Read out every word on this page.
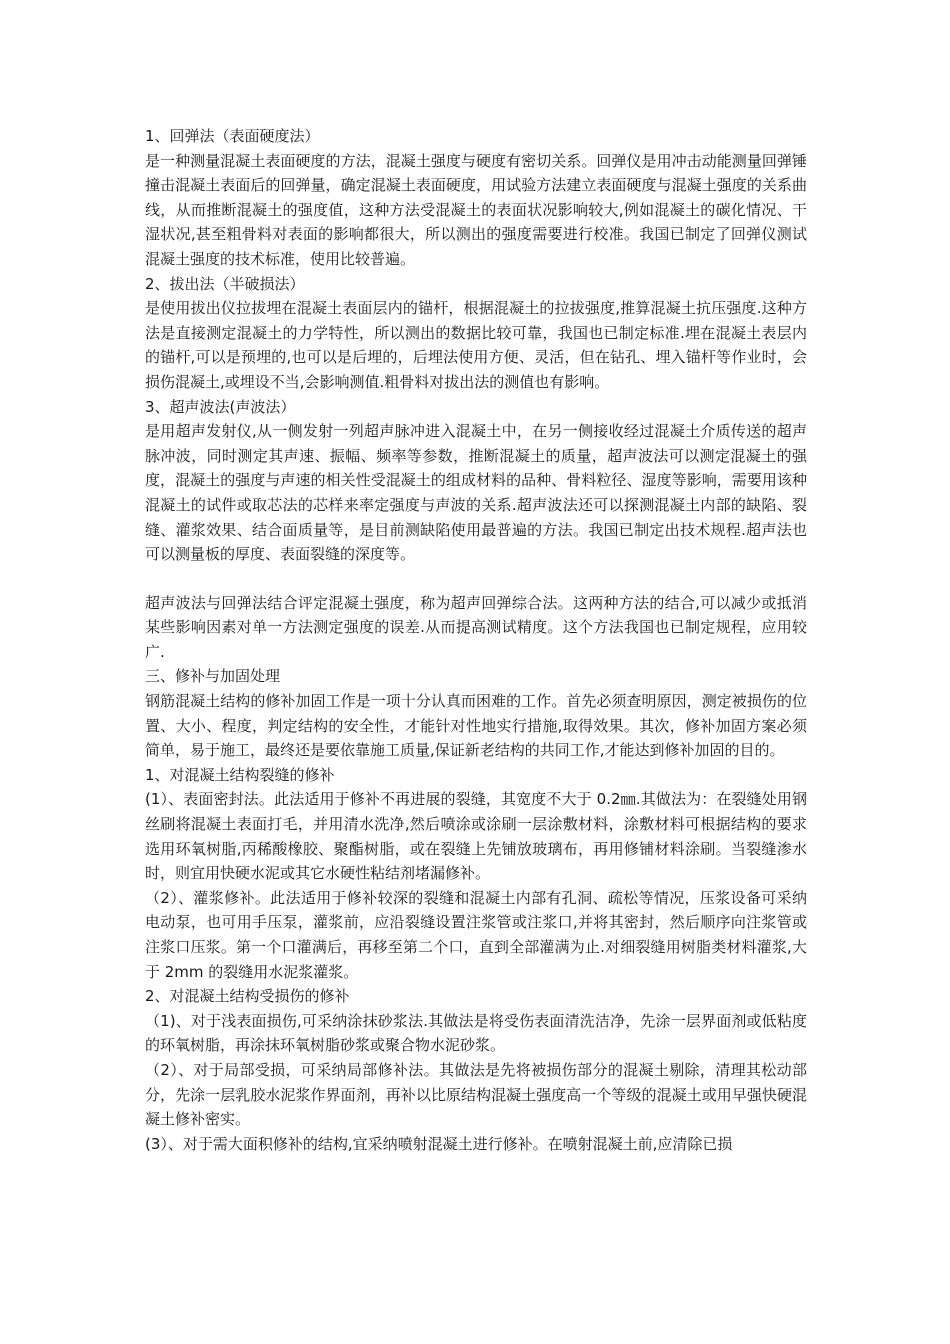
1、回弹法（表面硬度法）

是一种测量混凝土表面硬度的方法，混凝土强度与硬度有密切关系。回弹仪是用冲击动能测量回弹锤撞击混凝土表面后的回弹量，确定混凝土表面硬度，用试验方法建立表面硬度与混凝土强度的关系曲线，从而推断混凝土的强度值，这种方法受混凝土的表面状况影响较大,例如混凝土的碳化情况、干湿状况,甚至粗骨料对表面的影响都很大，所以测出的强度需要进行校准。我国已制定了回弹仪测试混凝土强度的技术标准，使用比较普遍。

2、拔出法（半破损法）

是使用拔出仪拉拔埋在混凝土表面层内的锚杆，根据混凝土的拉拔强度,推算混凝土抗压强度.这种方法是直接测定混凝土的力学特性，所以测出的数据比较可靠，我国也已制定标准.埋在混凝土表层内的锚杆,可以是预埋的,也可以是后埋的，后埋法使用方便、灵活，但在钻孔、埋入锚杆等作业时，会损伤混凝土,或埋设不当,会影响测值.粗骨料对拔出法的测值也有影响。

3、超声波法(声波法）

是用超声发射仪,从一侧发射一列超声脉冲进入混凝土中，在另一侧接收经过混凝土介质传送的超声脉冲波，同时测定其声速、振幅、频率等参数，推断混凝土的质量，超声波法可以测定混凝土的强度，混凝土的强度与声速的相关性受混凝土的组成材料的品种、骨料粒径、湿度等影响，需要用该种混凝土的试件或取芯法的芯样来率定强度与声波的关系.超声波法还可以探测混凝土内部的缺陷、裂缝、灌浆效果、结合面质量等，是目前测缺陷使用最普遍的方法。我国已制定出技术规程.超声法也可以测量板的厚度、表面裂缝的深度等。

超声波法与回弹法结合评定混凝土强度，称为超声回弹综合法。这两种方法的结合,可以减少或抵消某些影响因素对单一方法测定强度的误差.从而提高测试精度。这个方法我国也已制定规程，应用较广.

三、修补与加固处理

钢筋混凝土结构的修补加固工作是一项十分认真而困难的工作。首先必须查明原因，测定被损伤的位置、大小、程度，判定结构的安全性，才能针对性地实行措施,取得效果。其次，修补加固方案必须简单，易于施工，最终还是要依靠施工质量,保证新老结构的共同工作,才能达到修补加固的目的。

1、对混凝土结构裂缝的修补

(1）、表面密封法。此法适用于修补不再进展的裂缝，其宽度不大于 0.2㎜.其做法为：在裂缝处用钢丝刷将混凝土表面打毛，并用清水洗净,然后喷涂或涂刷一层涂敷材料，涂敷材料可根据结构的要求选用环氧树脂,丙稀酸橡胶、聚酯树脂，或在裂缝上先铺放玻璃布，再用修铺材料涂刷。当裂缝渗水时，则宜用快硬水泥或其它水硬性粘结剂堵漏修补。

（2）、灌浆修补。此法适用于修补较深的裂缝和混凝土内部有孔洞、疏松等情况，压浆设备可采纳电动泵，也可用手压泵，灌浆前，应沿裂缝设置注浆管或注浆口,并将其密封，然后顺序向注浆管或注浆口压浆。第一个口灌满后，再移至第二个口，直到全部灌满为止.对细裂缝用树脂类材料灌浆,大于 2mm 的裂缝用水泥浆灌浆。

2、对混凝土结构受损伤的修补

（1)、对于浅表面损伤,可采纳涂抹砂浆法.其做法是将受伤表面清洗洁净，先涂一层界面剂或低粘度的环氧树脂，再涂抹环氧树脂砂浆或聚合物水泥砂浆。

（2）、对于局部受损，可采纳局部修补法。其做法是先将被损伤部分的混凝土剔除，清理其松动部分，先涂一层乳胶水泥浆作界面剂，再补以比原结构混凝土强度高一个等级的混凝土或用早强快硬混凝土修补密实。

(3）、对于需大面积修补的结构,宜采纳喷射混凝土进行修补。在喷射混凝土前,应清除已损
